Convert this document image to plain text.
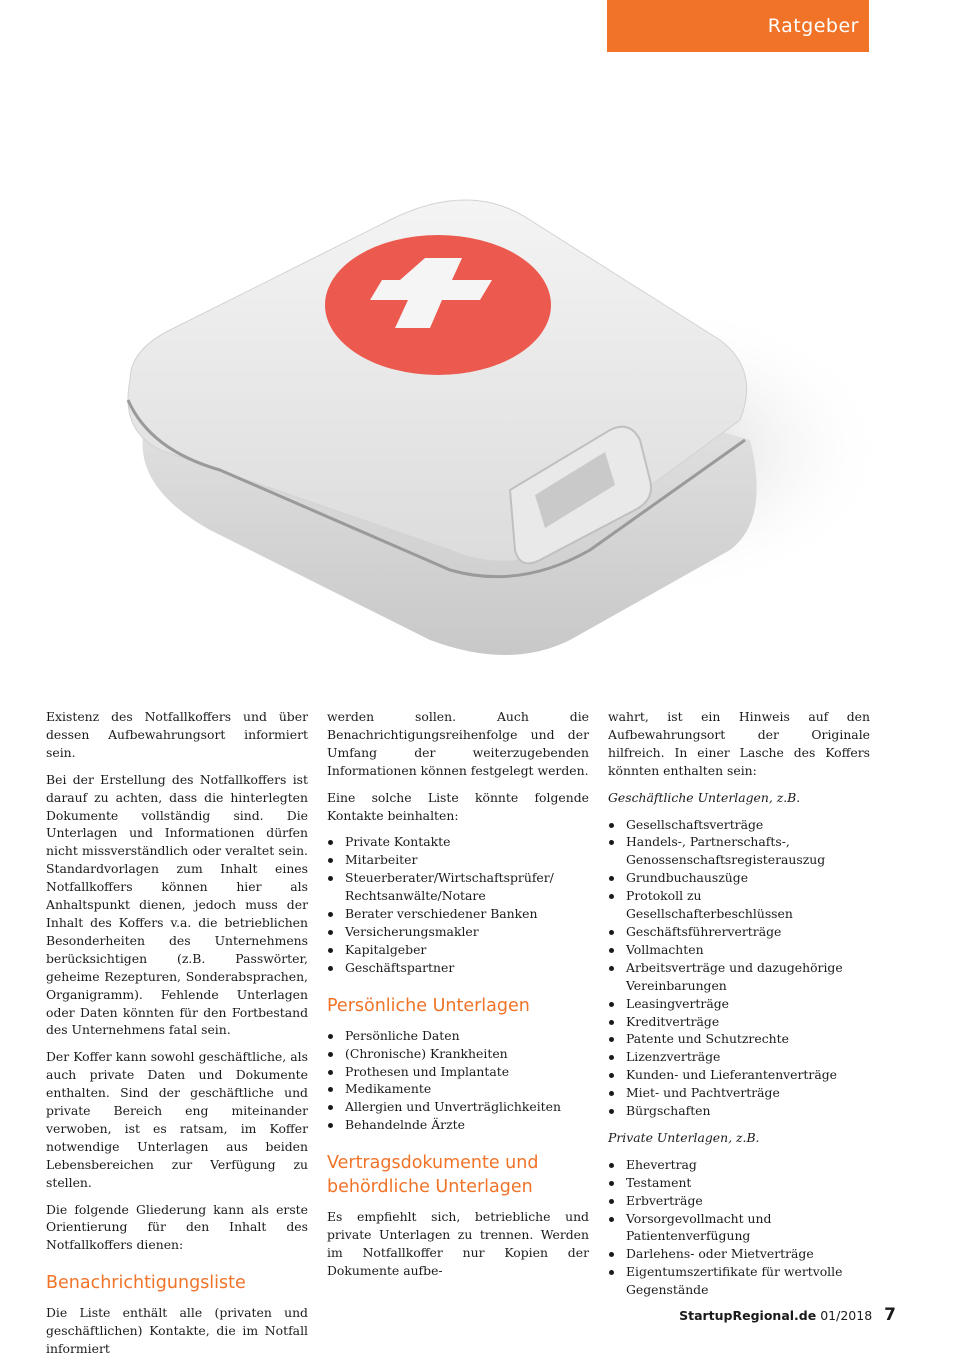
Ratgeber

Existenz des Notfallkoffers und über dessen Aufbewahrungsort informiert sein.

Bei der Erstellung des Notfallkoffers ist darauf zu achten, dass die hinterlegten Dokumente vollständig sind. Die Unterlagen und Informationen dürfen nicht missverständlich oder veraltet sein. Standardvorlagen zum Inhalt eines Notfallkoffers können hier als Anhaltspunkt dienen, jedoch muss der Inhalt des Koffers v.a. die betrieblichen Besonderheiten des Unternehmens berücksichtigen (z.B. Passwörter, geheime Rezepturen, Sonderabsprachen, Organigramm). Fehlende Unterlagen oder Daten könnten für den Fortbestand des Unternehmens fatal sein.

Der Koffer kann sowohl geschäftliche, als auch private Daten und Dokumente enthalten. Sind der geschäftliche und private Bereich eng miteinander verwoben, ist es ratsam, im Koffer notwendige Unterlagen aus beiden Lebensbereichen zur Verfügung zu stellen.

Die folgende Gliederung kann als erste Orientierung für den Inhalt des Notfallkoffers dienen:

Benachrichtigungsliste

Die Liste enthält alle (privaten und geschäftlichen) Kontakte, die im Notfall informiert

werden sollen. Auch die Benachrichtigungsreihenfolge und der Umfang der weiterzugebenden Informationen können festgelegt werden.

Eine solche Liste könnte folgende Kontakte beinhalten:

Private Kontakte
Mitarbeiter
Steuerberater/Wirtschaftsprüfer/ Rechtsanwälte/Notare
Berater verschiedener Banken
Versicherungsmakler
Kapitalgeber
Geschäftspartner
Persönliche Unterlagen
Persönliche Daten
(Chronische) Krankheiten
Prothesen und Implantate
Medikamente
Allergien und Unverträglichkeiten
Behandelnde Ärzte
Vertragsdokumente und behördliche Unterlagen

Es empfiehlt sich, betriebliche und private Unterlagen zu trennen. Werden im Notfallkoffer nur Kopien der Dokumente aufbe-

wahrt, ist ein Hinweis auf den Aufbewahrungsort der Originale hilfreich. In einer Lasche des Koffers könnten enthalten sein:

Geschäftliche Unterlagen, z.B.

Gesellschaftsverträge
Handels-, Partnerschafts-, Genossenschaftsregisterauszug
Grundbuchauszüge
Protokoll zu Gesellschafterbeschlüssen
Geschäftsführerverträge
Vollmachten
Arbeitsverträge und dazugehörige Vereinbarungen
Leasingverträge
Kreditverträge
Patente und Schutzrechte
Lizenzverträge
Kunden- und Lieferantenverträge
Miet- und Pachtverträge
Bürgschaften

Private Unterlagen, z.B.

Ehevertrag
Testament
Erbverträge
Vorsorgevollmacht und Patientenverfügung
Darlehens- oder Mietverträge
Eigentumszertifikate für wertvolle Gegenstände
StartupRegional.de 01/2018 7
